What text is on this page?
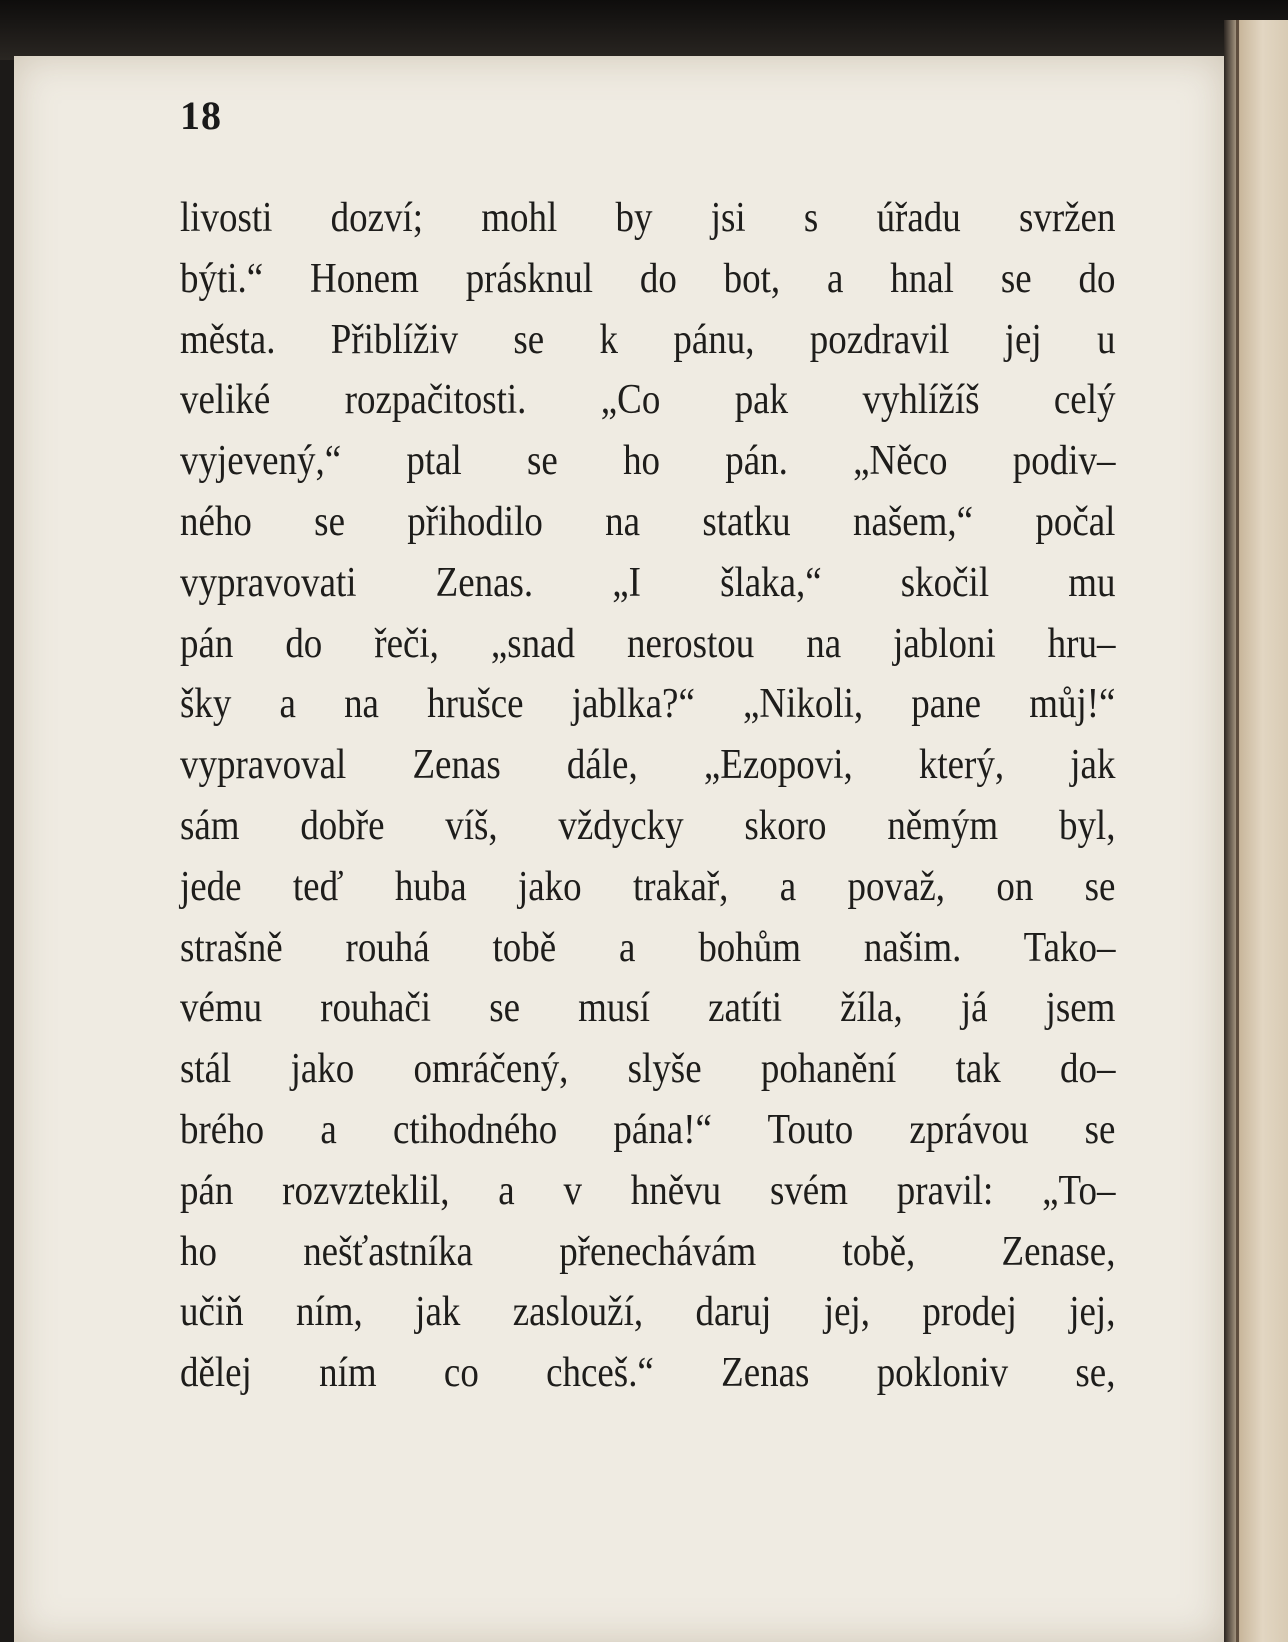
18
livosti dozví; mohl by jsi s úřadu svržen
býti.“ Honem prásknul do bot, a hnal se do
města. Přiblíživ se k pánu, pozdravil jej u
veliké rozpačitosti. „Co pak vyhlížíš celý
vyjevený,“ ptal se ho pán. „Něco podiv–
ného se přihodilo na statku našem,“ počal
vypravovati Zenas. „I šlaka,“ skočil mu
pán do řeči, „snad nerostou na jabloni hru–
šky a na hrušce jablka?“ „Nikoli, pane můj!“
vypravoval Zenas dále, „Ezopovi, který, jak
sám dobře víš, vždycky skoro němým byl,
jede teď huba jako trakař, a považ, on se
strašně rouhá tobě a bohům našim. Tako–
vému rouhači se musí zatíti žíla, já jsem
stál jako omráčený, slyše pohanění tak do–
brého a ctihodného pána!“ Touto zprávou se
pán rozvzteklil, a v hněvu svém pravil: „To–
ho nešťastníka přenechávám tobě, Zenase,
učiň ním, jak zaslouží, daruj jej, prodej jej,
dělej ním co chceš.“ Zenas pokloniv se,
